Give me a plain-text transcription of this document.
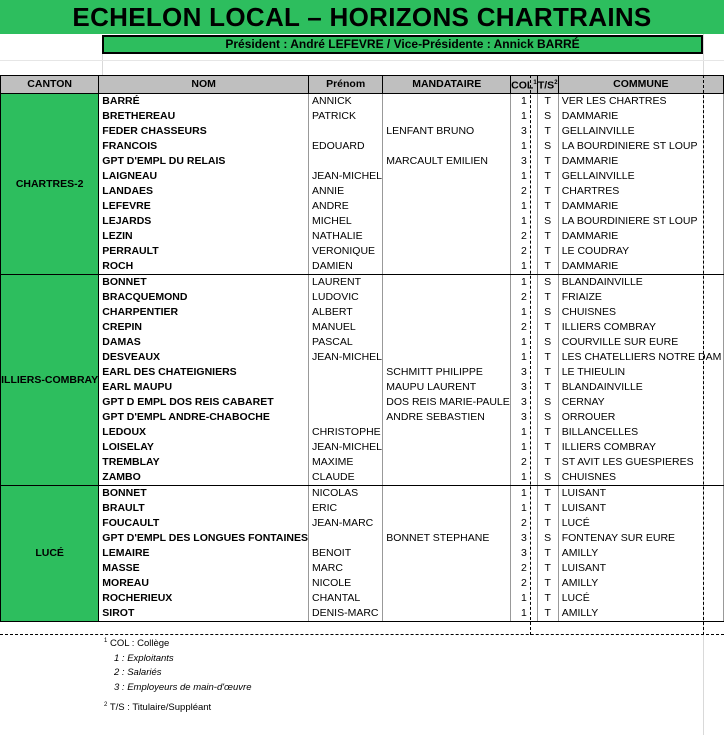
ECHELON LOCAL – HORIZONS CHARTRAINS
Président : André LEFEVRE / Vice-Présidente : Annick BARRÉ
CANTON	NOM	Prénom	MANDATAIRE	COL$^1$	$T/S^2$	COMMUNE
CHARTRES-2	BARRÉ	ANNICK		1	T	VER LES CHARTRES
	BRETHEREAU	PATRICK		1	S	DAMMARIE
	FEDER CHASSEURS		LENFANT BRUNO	3	T	GELLAINVILLE
	FRANCOIS	EDOUARD		1	S	LA BOURDINIERE ST LOUP
	GPT D'EMPL DU RELAIS		MARCAULT EMILIEN	3	T	DAMMARIE
	LAIGNEAU	JEAN-MICHEL		1	T	GELLAINVILLE
	LANDAES	ANNIE		2	T	CHARTRES
	LEFEVRE	ANDRE		1	T	DAMMARIE
	LEJARDS	MICHEL		1	S	LA BOURDINIERE ST LOUP
	LEZIN	NATHALIE		2	T	DAMMARIE
	PERRAULT	VERONIQUE		2	T	LE COUDRAY
	ROCH	DAMIEN		1	T	DAMMARIE
ILLIERS-COMBRAY	BONNET	LAURENT		1	S	BLANDAINVILLE
	BRACQUEMOND	LUDOVIC		2	T	FRIAIZE
	CHARPENTIER	ALBERT		1	S	CHUISNES
	CREPIN	MANUEL		2	T	ILLIERS COMBRAY
	DAMAS	PASCAL		1	S	COURVILLE SUR EURE
	DESVEAUX	JEAN-MICHEL		1	T	LES CHATELLIERS NOTRE DAM
	EARL DES CHATEIGNIERS		SCHMITT PHILIPPE	3	T	LE THIEULIN
	EARL MAUPU		MAUPU LAURENT	3	T	BLANDAINVILLE
	GPT D EMPL DOS REIS CABARET		DOS REIS MARIE-PAULE	3	S	CERNAY
	GPT D'EMPL ANDRE-CHABOCHE		ANDRE SEBASTIEN	3	S	ORROUER
	LEDOUX	CHRISTOPHE		1	T	BILLANCELLES
	LOISELAY	JEAN-MICHEL		1	T	ILLIERS COMBRAY
	TREMBLAY	MAXIME		2	T	ST AVIT LES GUESPIERES
	ZAMBO	CLAUDE		1	S	CHUISNES
LUCÉ	BONNET	NICOLAS		1	T	LUISANT
	BRAULT	ERIC		1	T	LUISANT
	FOUCAULT	JEAN-MARC		2	T	LUCÉ
	GPT D'EMPL DES LONGUES FONTAINES		BONNET STEPHANE	3	S	FONTENAY SUR EURE
	LEMAIRE	BENOIT		3	T	AMILLY
	MASSE	MARC		2	T	LUISANT
	MOREAU	NICOLE		2	T	AMILLY
	ROCHERIEUX	CHANTAL		1	T	LUCÉ
	SIROT	DENIS-MARC		1	T	AMILLY
$^1$ COL : Collège
1 : Exploitants
2 : Salariés
3 : Employeurs de main-d'œuvre
$^2$ T/S : Titulaire/Suppléant
